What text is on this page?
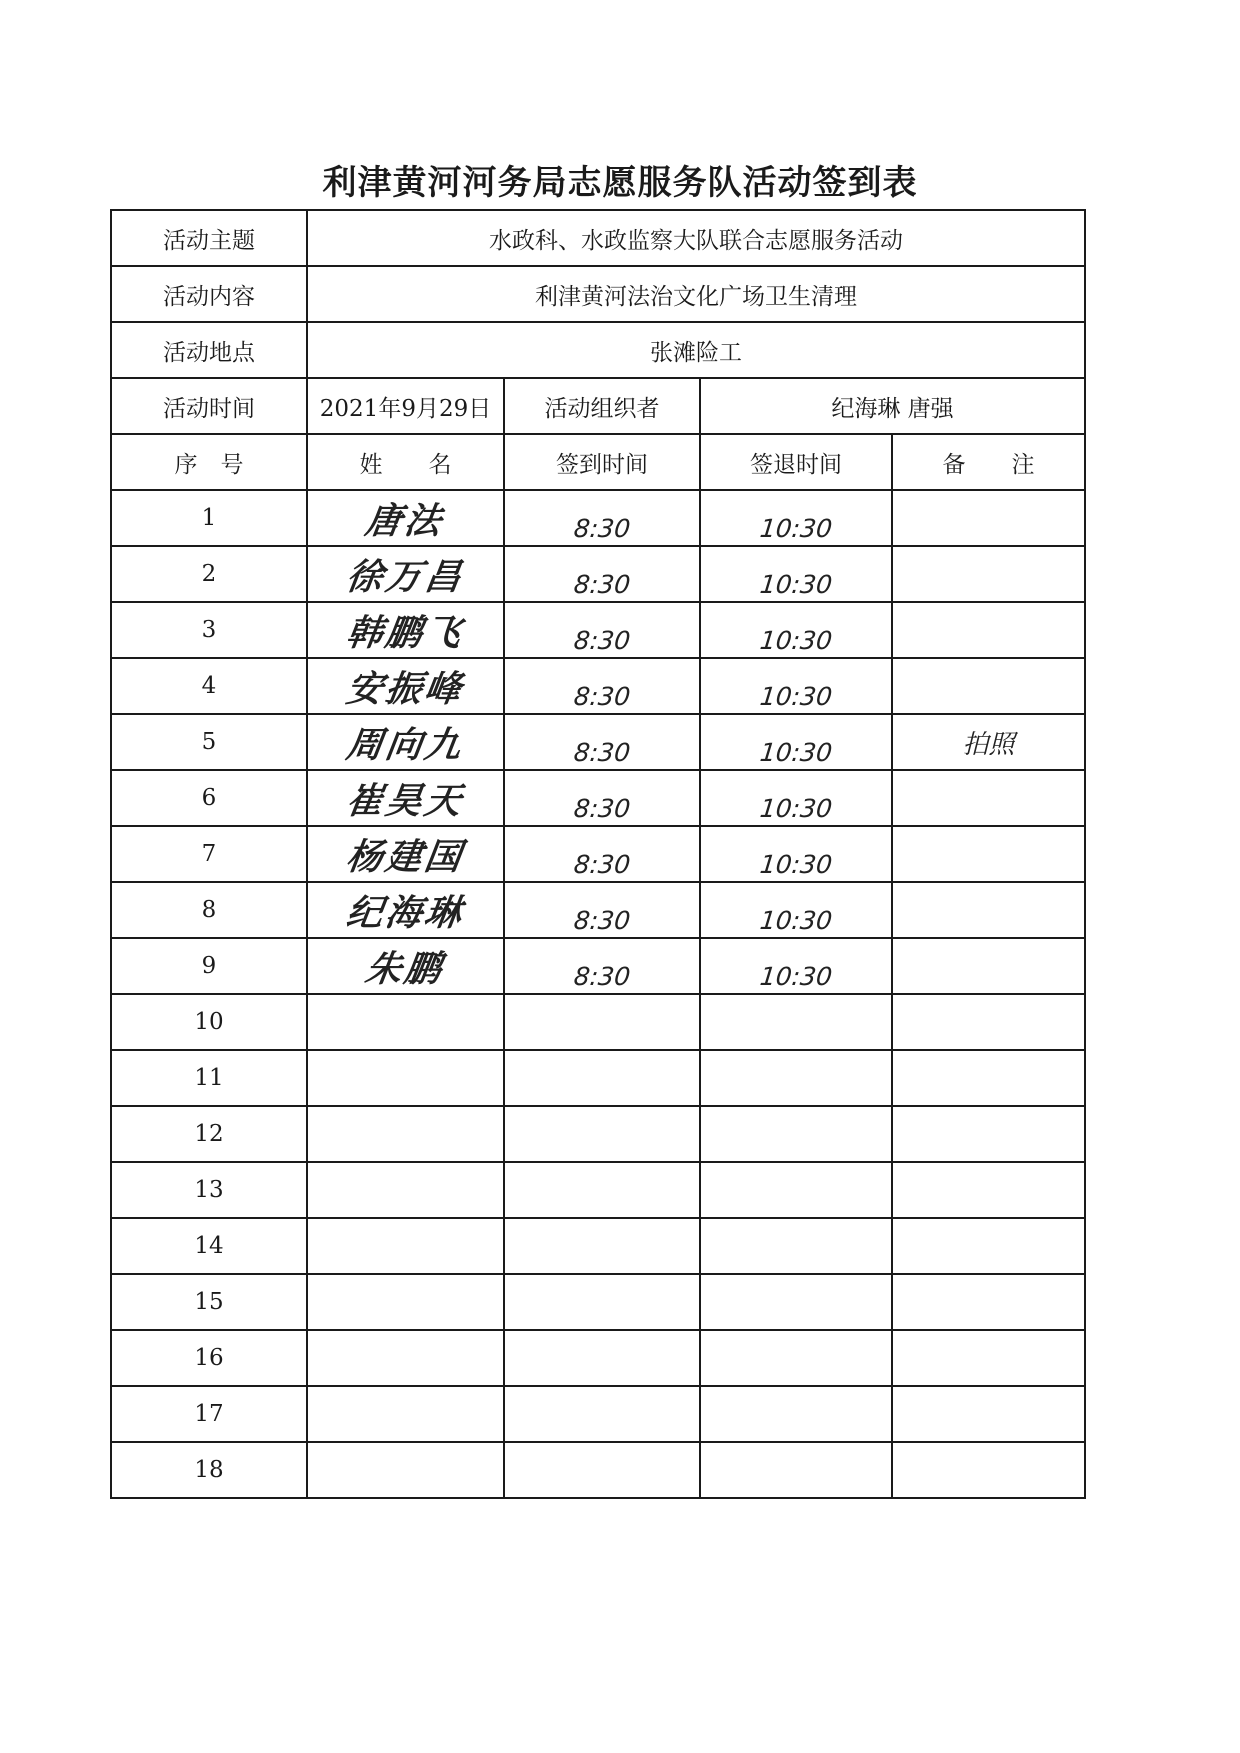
利津黄河河务局志愿服务队活动签到表
活动主题	水政科、水政监察大队联合志愿服务活动			
活动内容	利津黄河法治文化广场卫生清理			
活动地点	张滩险工			
活动时间	2021年9月29日	活动组织者	纪海琳 唐强	
序　号	姓　　名	签到时间	签退时间	备　　注
1	唐法	8:30	10:30	
2	徐万昌	8:30	10:30	
3	韩鹏飞	8:30	10:30	
4	安振峰	8:30	10:30	
5	周向九	8:30	10:30	拍照
6	崔昊天	8:30	10:30	
7	杨建国	8:30	10:30	
8	纪海琳	8:30	10:30	
9	朱鹏	8:30	10:30	
10				
11				
12				
13				
14				
15				
16				
17				
18				
